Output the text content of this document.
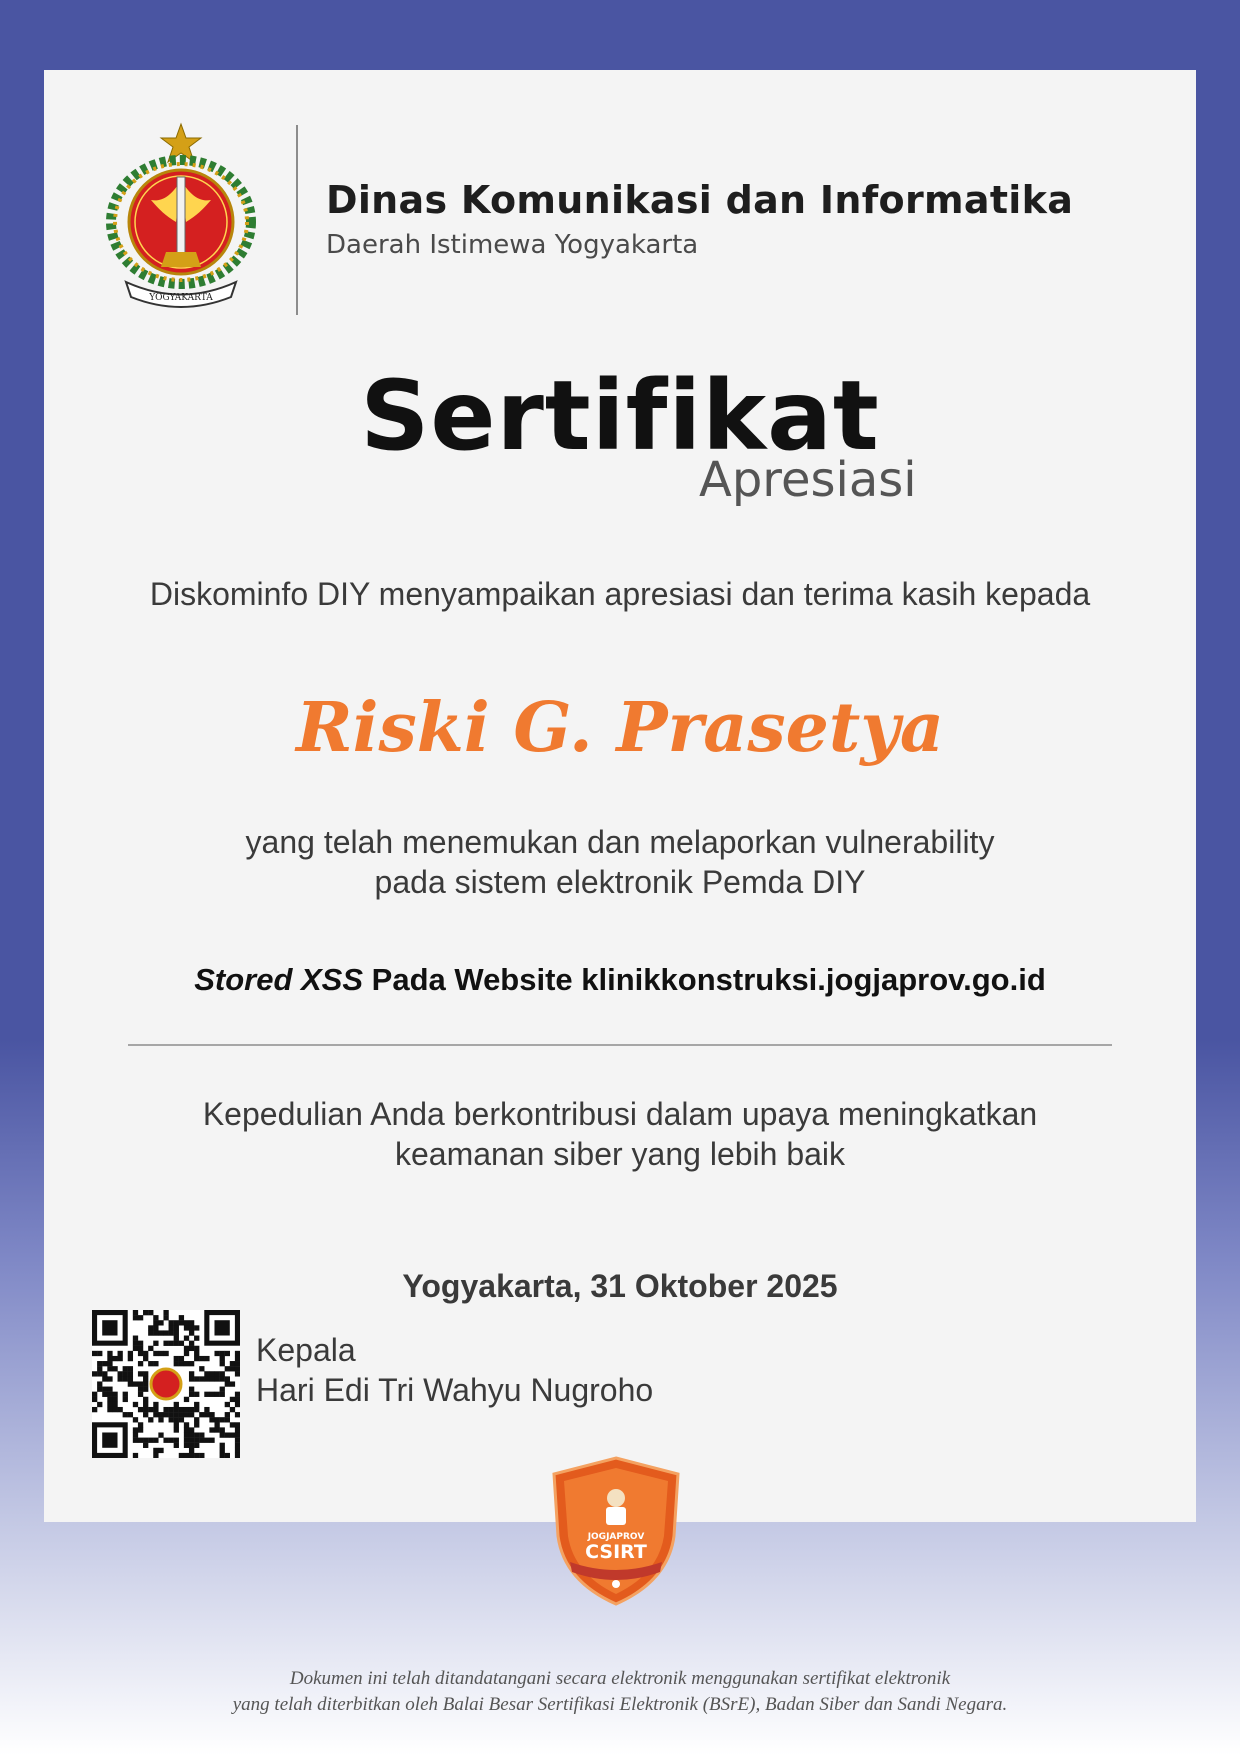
YOGYAKARTA
Dinas Komunikasi dan Informatika
Daerah Istimewa Yogyakarta
Sertifikat
Apresiasi
Diskominfo DIY menyampaikan apresiasi dan terima kasih kepada
Riski G. Prasetya
yang telah menemukan dan melaporkan vulnerability
pada sistem elektronik Pemda DIY
Stored XSS Pada Website klinikkonstruksi.jogjaprov.go.id
Kepedulian Anda berkontribusi dalam upaya meningkatkan
keamanan siber yang lebih baik
Yogyakarta, 31 Oktober 2025
Kepala
Hari Edi Tri Wahyu Nugroho
JOGJAPROV
CSIRT
Dokumen ini telah ditandatangani secara elektronik menggunakan sertifikat elektronik
yang telah diterbitkan oleh Balai Besar Sertifikasi Elektronik (BSrE), Badan Siber dan Sandi Negara.
